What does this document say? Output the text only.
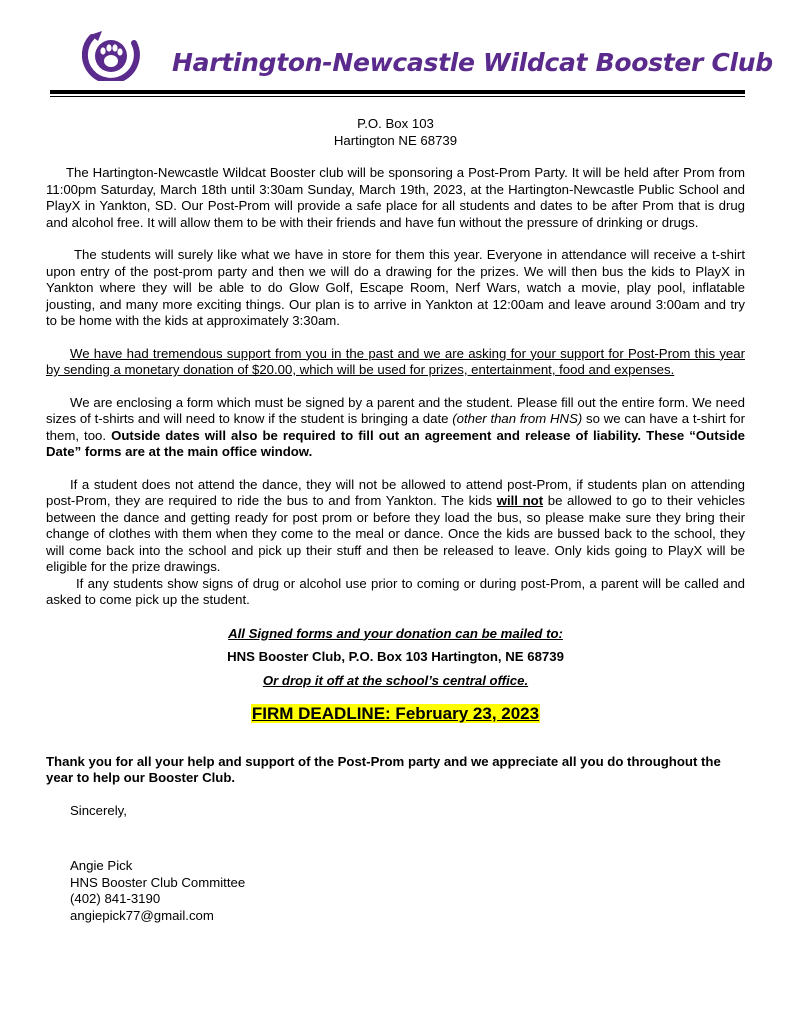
Hartington-Newcastle Wildcat Booster Club

P.O. Box 103

Hartington NE 68739

The Hartington-Newcastle Wildcat Booster club will be sponsoring a Post-Prom Party. It will be held after Prom from 11:00pm Saturday, March 18th until 3:30am Sunday, March 19th, 2023, at the Hartington-Newcastle Public School and PlayX in Yankton, SD. Our Post-Prom will provide a safe place for all students and dates to be after Prom that is drug and alcohol free. It will allow them to be with their friends and have fun without the pressure of drinking or drugs.

The students will surely like what we have in store for them this year. Everyone in attendance will receive a t-shirt upon entry of the post-prom party and then we will do a drawing for the prizes. We will then bus the kids to PlayX in Yankton where they will be able to do Glow Golf, Escape Room, Nerf Wars, watch a movie, play pool, inflatable jousting, and many more exciting things. Our plan is to arrive in Yankton at 12:00am and leave around 3:00am and try to be home with the kids at approximately 3:30am.

We have had tremendous support from you in the past and we are asking for your support for Post-Prom this year by sending a monetary donation of $20.00, which will be used for prizes, entertainment, food and expenses.

We are enclosing a form which must be signed by a parent and the student. Please fill out the entire form. We need sizes of t-shirts and will need to know if the student is bringing a date (other than from HNS) so we can have a t-shirt for them, too. Outside dates will also be required to fill out an agreement and release of liability. These “Outside Date” forms are at the main office window.

If a student does not attend the dance, they will not be allowed to attend post-Prom, if students plan on attending post-Prom, they are required to ride the bus to and from Yankton. The kids will not be allowed to go to their vehicles between the dance and getting ready for post prom or before they load the bus, so please make sure they bring their change of clothes with them when they come to the meal or dance. Once the kids are bussed back to the school, they will come back into the school and pick up their stuff and then be released to leave. Only kids going to PlayX will be eligible for the prize drawings.

If any students show signs of drug or alcohol use prior to coming or during post-Prom, a parent will be called and asked to come pick up the student.

All Signed forms and your donation can be mailed to:

HNS Booster Club, P.O. Box 103 Hartington, NE 68739

Or drop it off at the school’s central office.

FIRM DEADLINE: February 23, 2023

Thank you for all your help and support of the Post-Prom party and we appreciate all you do throughout the year to help our Booster Club.

Sincerely,

Angie Pick

HNS Booster Club Committee

(402) 841-3190

angiepick77@gmail.com
